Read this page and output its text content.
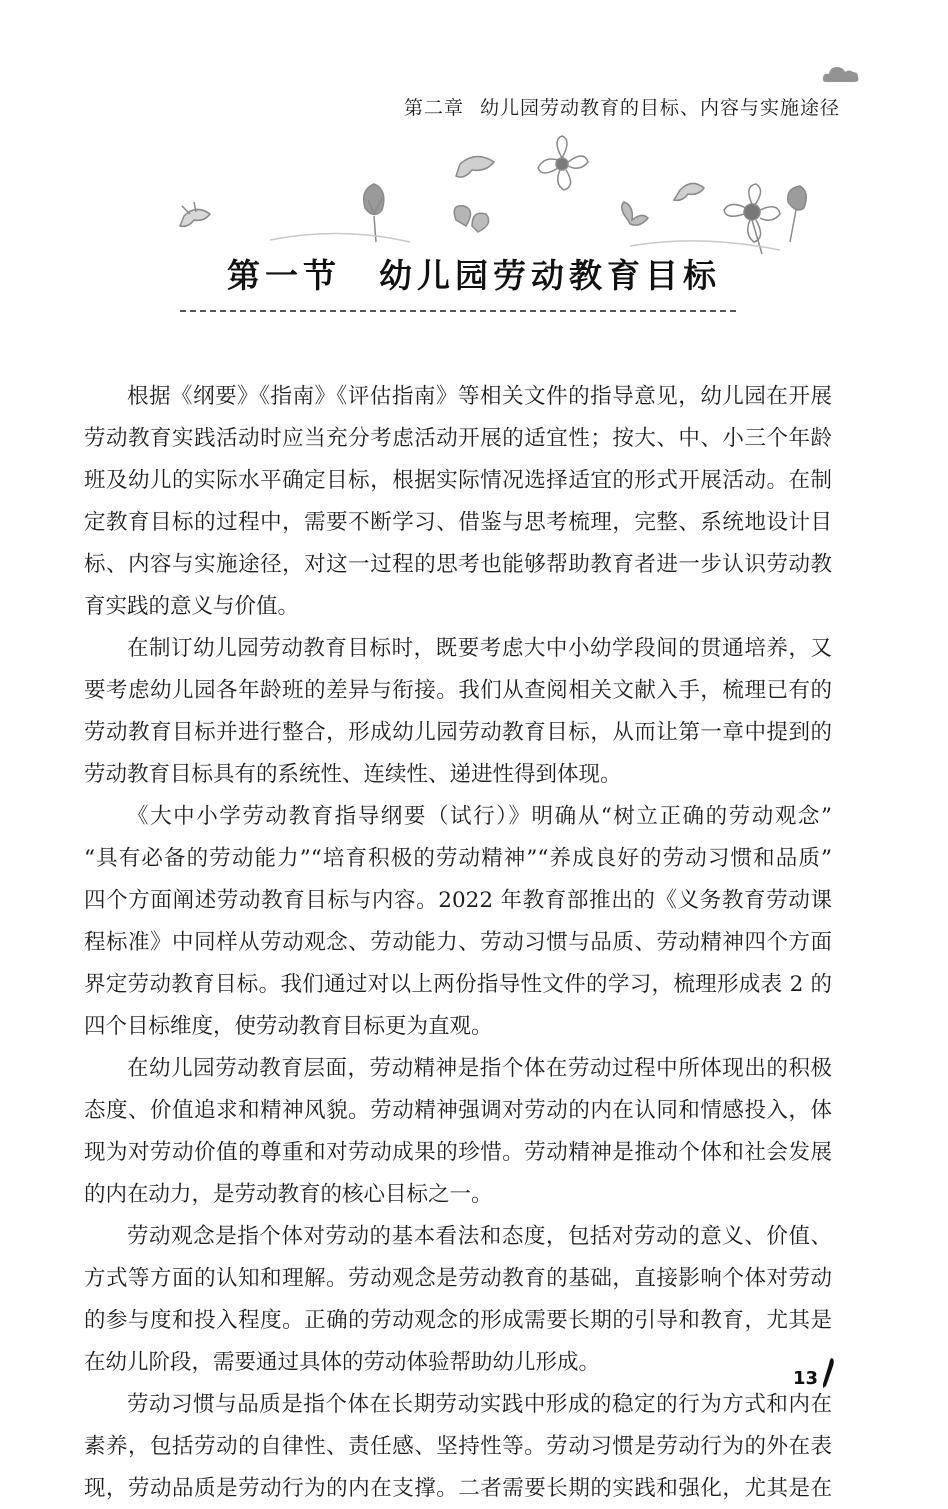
第二章 幼儿园劳动教育的目标、内容与实施途径
第一节 幼儿园劳动教育目标
根据《纲要》《指南》《评估指南》等相关文件的指导意见，幼儿园在开展
劳动教育实践活动时应当充分考虑活动开展的适宜性；按大、中、小三个年龄
班及幼儿的实际水平确定目标，根据实际情况选择适宜的形式开展活动。在制
定教育目标的过程中，需要不断学习、借鉴与思考梳理，完整、系统地设计目
标、内容与实施途径，对这一过程的思考也能够帮助教育者进一步认识劳动教
育实践的意义与价值。
在制订幼儿园劳动教育目标时，既要考虑大中小幼学段间的贯通培养，又
要考虑幼儿园各年龄班的差异与衔接。我们从查阅相关文献入手，梳理已有的
劳动教育目标并进行整合，形成幼儿园劳动教育目标，从而让第一章中提到的
劳动教育目标具有的系统性、连续性、递进性得到体现。
《大中小学劳动教育指导纲要（试行）》明确从“树立正确的劳动观念”
“具有必备的劳动能力”“培育积极的劳动精神”“养成良好的劳动习惯和品质”
四个方面阐述劳动教育目标与内容。2022 年教育部推出的《义务教育劳动课
程标准》中同样从劳动观念、劳动能力、劳动习惯与品质、劳动精神四个方面
界定劳动教育目标。我们通过对以上两份指导性文件的学习，梳理形成表 2 的
四个目标维度，使劳动教育目标更为直观。
在幼儿园劳动教育层面，劳动精神是指个体在劳动过程中所体现出的积极
态度、价值追求和精神风貌。劳动精神强调对劳动的内在认同和情感投入，体
现为对劳动价值的尊重和对劳动成果的珍惜。劳动精神是推动个体和社会发展
的内在动力，是劳动教育的核心目标之一。
劳动观念是指个体对劳动的基本看法和态度，包括对劳动的意义、价值、
方式等方面的认知和理解。劳动观念是劳动教育的基础，直接影响个体对劳动
的参与度和投入程度。正确的劳动观念的形成需要长期的引导和教育，尤其是
在幼儿阶段，需要通过具体的劳动体验帮助幼儿形成。
13
劳动习惯与品质是指个体在长期劳动实践中形成的稳定的行为方式和内在
素养，包括劳动的自律性、责任感、坚持性等。劳动习惯是劳动行为的外在表
现，劳动品质是劳动行为的内在支撑。二者需要长期的实践和强化，尤其是在
